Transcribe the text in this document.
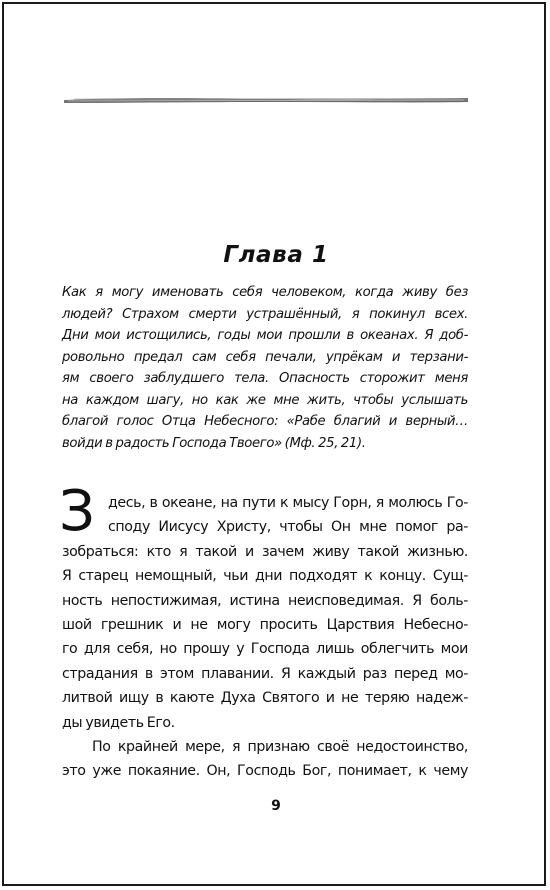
Глава 1
Как я могу именовать себя человеком, когда живу без
людей? Страхом смерти устрашённый, я покинул всех.
Дни мои истощились, годы мои прошли в океанах. Я доб-
ровольно предал сам себя печали, упрёкам и терзани-
ям своего заблудшего тела. Опасность сторожит меня
на каждом шагу, но как же мне жить, чтобы услышать
благой голос Отца Небесного: «Рабе благий и верный…
войди в радость Господа Твоего» (Мф. 25, 21).
З десь, в океане, на пути к мысу Горн, я молюсь Го-
сподy Иисусу Христу, чтобы Он мне помог ра-
зобраться: кто я такой и зачем живу такой жизнью.
Я старец немощный, чьи дни подходят к концу. Сущ-
ность непостижимая, истина неисповедимая. Я боль-
шой грешник и не могу просить Царствия Небесно-
го для себя, но прошу у Господа лишь облегчить мои
страдания в этом плавании. Я каждый раз перед мо-
литвой ищу в каюте Духа Святого и не теряю надеж-
ды увидеть Его.
По крайней мере, я признаю своё недостоинство,
это уже покаяние. Он, Господь Бог, понимает, к чему
9
